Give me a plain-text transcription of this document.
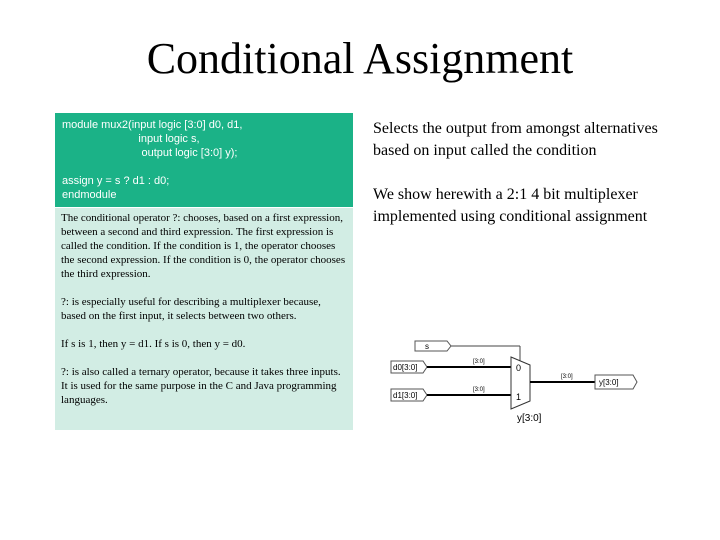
Conditional Assignment
module mux2(input logic [3:0] d0, d1,
input logic s,
output logic [3:0] y);
assign y = s ? d1 : d0;
endmodule

The conditional operator ?: chooses, based on a first expression, between a second and third expression. The first expression is called the condition. If the condition is 1, the operator chooses the second expression. If the condition is 0, the operator chooses the third expression.

?: is especially useful for describing a multiplexer because, based on the first input, it selects between two others.

If s is 1, then y = d1. If s is 0, then y = d0.

?: is also called a ternary operator, because it takes three inputs. It is used for the same purpose in the C and Java programming languages.

Selects the output from amongst alternatives based on input called the condition

We show herewith a 2:1 4 bit multiplexer implemented using conditional assignment

s
d0[3:0]
[3:0]
d1[3:0]
[3:0]
0
1
[3:0]
y[3:0]
y[3:0]
